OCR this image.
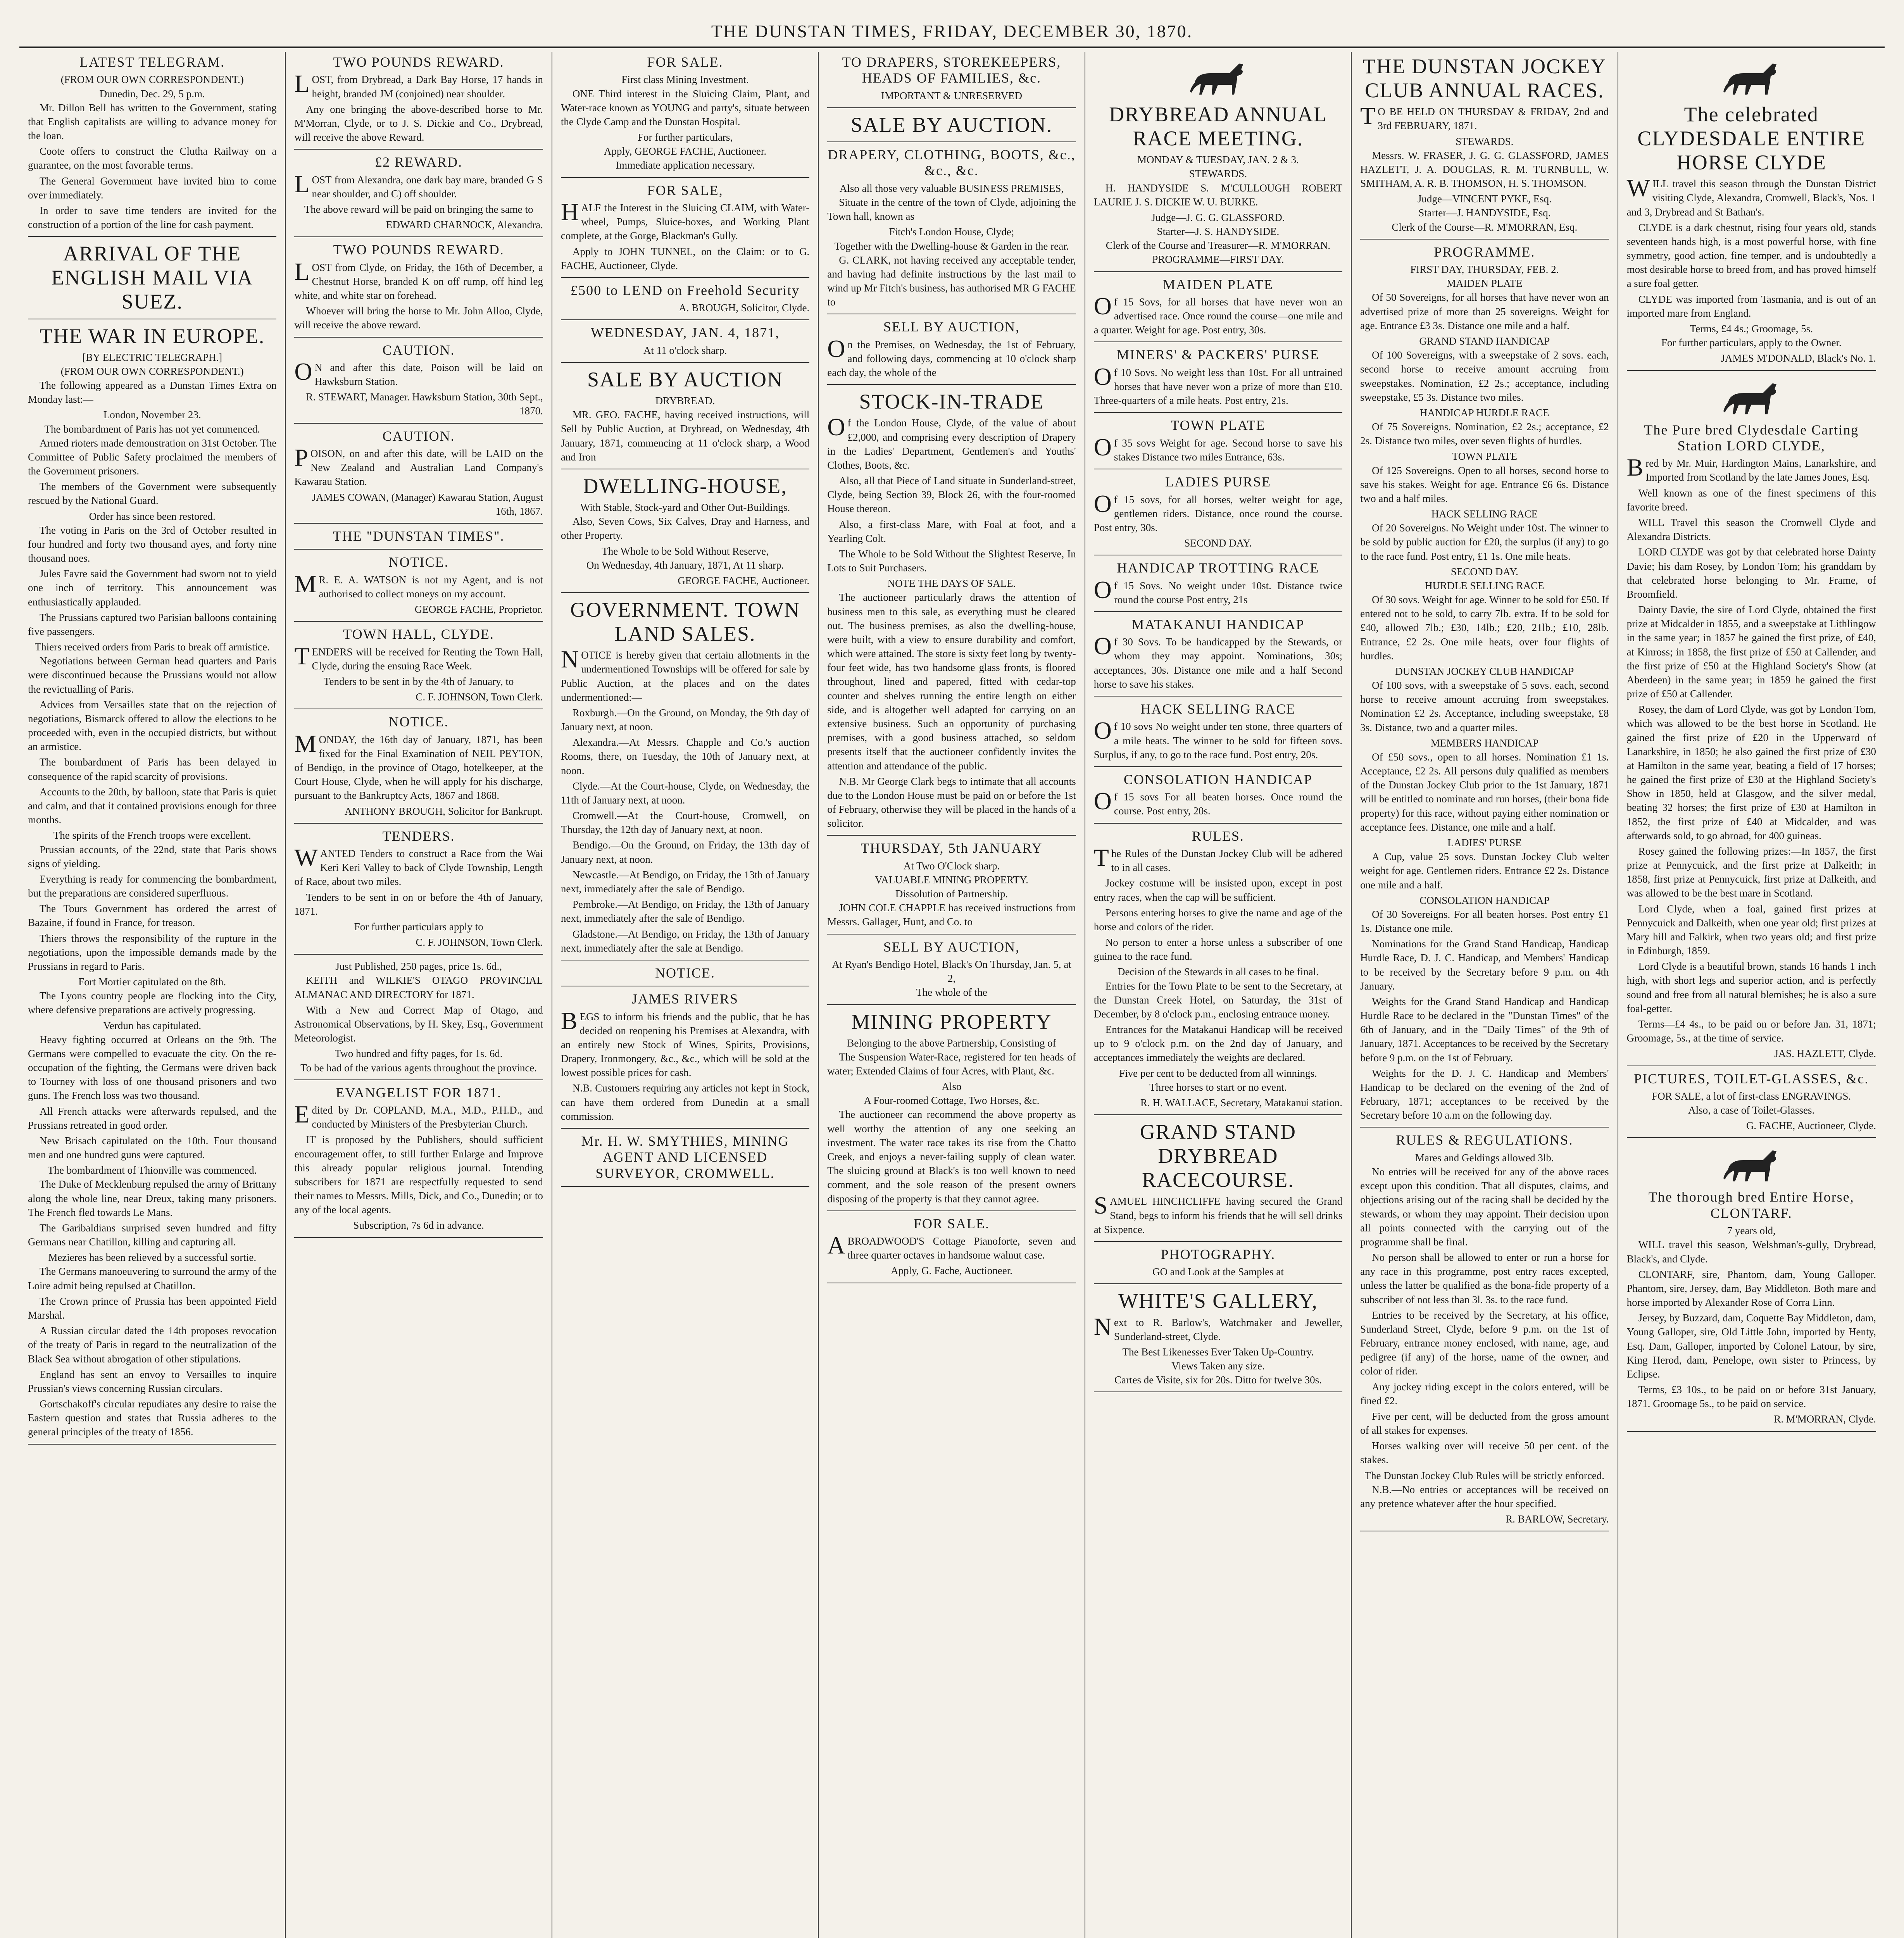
THE DUNSTAN TIMES, FRIDAY, DECEMBER 30, 1870.
LATEST TELEGRAM.
(FROM OUR OWN CORRESPONDENT.)
Dunedin, Dec. 29, 5 p.m.
Mr. Dillon Bell has written to the Government, stating that English capitalists are willing to advance money for the loan.
Coote offers to construct the Clutha Railway on a guarantee, on the most favorable terms.
The General Government have invited him to come over immediately.
In order to save time tenders are invited for the construction of a portion of the line for cash payment.
ARRIVAL OF THE ENGLISH MAIL VIA SUEZ.
THE WAR IN EUROPE.
[BY ELECTRIC TELEGRAPH.]
(FROM OUR OWN CORRESPONDENT.)
The following appeared as a Dunstan Times Extra on Monday last:—
London, November 23.
The bombardment of Paris has not yet commenced.
Armed rioters made demonstration on 31st October. The Committee of Public Safety proclaimed the members of the Government prisoners.
The members of the Government were subsequently rescued by the National Guard.
Order has since been restored.
The voting in Paris on the 3rd of October resulted in four hundred and forty two thousand ayes, and forty nine thousand noes.
Jules Favre said the Government had sworn not to yield one inch of territory. This announcement was enthusiastically applauded.
The Prussians captured two Parisian balloons containing five passengers.
Thiers received orders from Paris to break off armistice.
Negotiations between German head quarters and Paris were discontinued because the Prussians would not allow the revictualling of Paris.
Advices from Versailles state that on the rejection of negotiations, Bismarck offered to allow the elections to be proceeded with, even in the occupied districts, but without an armistice.
The bombardment of Paris has been delayed in consequence of the rapid scarcity of provisions.
Accounts to the 20th, by balloon, state that Paris is quiet and calm, and that it contained provisions enough for three months.
The spirits of the French troops were excellent.
Prussian accounts, of the 22nd, state that Paris shows signs of yielding.
Everything is ready for commencing the bombardment, but the preparations are considered superfluous.
The Tours Government has ordered the arrest of Bazaine, if found in France, for treason.
Thiers throws the responsibility of the rupture in the negotiations, upon the impossible demands made by the Prussians in regard to Paris.
Fort Mortier capitulated on the 8th.
The Lyons country people are flocking into the City, where defensive preparations are actively progressing.
Verdun has capitulated.
Heavy fighting occurred at Orleans on the 9th. The Germans were compelled to evacuate the city. On the re-occupation of the fighting, the Germans were driven back to Tourney with loss of one thousand prisoners and two guns. The French loss was two thousand.
All French attacks were afterwards repulsed, and the Prussians retreated in good order.
New Brisach capitulated on the 10th. Four thousand men and one hundred guns were captured.
The bombardment of Thionville was commenced.
The Duke of Mecklenburg repulsed the army of Brittany along the whole line, near Dreux, taking many prisoners. The French fled towards Le Mans.
The Garibaldians surprised seven hundred and fifty Germans near Chatillon, killing and capturing all.
Mezieres has been relieved by a successful sortie.
The Germans manoeuvering to surround the army of the Loire admit being repulsed at Chatillon.
The Crown prince of Prussia has been appointed Field Marshal.
A Russian circular dated the 14th proposes revocation of the treaty of Paris in regard to the neutralization of the Black Sea without abrogation of other stipulations.
England has sent an envoy to Versailles to inquire Prussian's views concerning Russian circulars.
Gortschakoff's circular repudiates any desire to raise the Eastern question and states that Russia adheres to the general principles of the treaty of 1856.
TWO POUNDS REWARD.
LOST, from Drybread, a Dark Bay Horse, 17 hands in height, branded JM (conjoined) near shoulder.
Any one bringing the above-described horse to Mr. M'Morran, Clyde, or to J. S. Dickie and Co., Drybread, will receive the above Reward.
£2 REWARD.
LOST from Alexandra, one dark bay mare, branded G S near shoulder, and C) off shoulder.
The above reward will be paid on bringing the same to
EDWARD CHARNOCK, Alexandra.
TWO POUNDS REWARD.
LOST from Clyde, on Friday, the 16th of December, a Chestnut Horse, branded K on off rump, off hind leg white, and white star on forehead.
Whoever will bring the horse to Mr. John Alloo, Clyde, will receive the above reward.
CAUTION.
ON and after this date, Poison will be laid on Hawksburn Station.
R. STEWART, Manager. Hawksburn Station, 30th Sept., 1870.
CAUTION.
POISON, on and after this date, will be LAID on the New Zealand and Australian Land Company's Kawarau Station.
JAMES COWAN, (Manager) Kawarau Station, August 16th, 1867.
THE "DUNSTAN TIMES".
NOTICE.
MR. E. A. WATSON is not my Agent, and is not authorised to collect moneys on my account.
GEORGE FACHE, Proprietor.
TOWN HALL, CLYDE.
TENDERS will be received for Renting the Town Hall, Clyde, during the ensuing Race Week.
Tenders to be sent in by the 4th of January, to
C. F. JOHNSON, Town Clerk.
NOTICE.
MONDAY, the 16th day of January, 1871, has been fixed for the Final Examination of NEIL PEYTON, of Bendigo, in the province of Otago, hotelkeeper, at the Court House, Clyde, when he will apply for his discharge, pursuant to the Bankruptcy Acts, 1867 and 1868.
ANTHONY BROUGH, Solicitor for Bankrupt.
TENDERS.
WANTED Tenders to construct a Race from the Wai Keri Keri Valley to back of Clyde Township, Length of Race, about two miles.
Tenders to be sent in on or before the 4th of January, 1871.
For further particulars apply to
C. F. JOHNSON, Town Clerk.
Just Published, 250 pages, price 1s. 6d.,
KEITH and WILKIE'S OTAGO PROVINCIAL ALMANAC AND DIRECTORY for 1871.
With a New and Correct Map of Otago, and Astronomical Observations, by H. Skey, Esq., Government Meteorologist.
Two hundred and fifty pages, for 1s. 6d.
To be had of the various agents throughout the province.
EVANGELIST FOR 1871.
Edited by Dr. COPLAND, M.A., M.D., P.H.D., and conducted by Ministers of the Presbyterian Church.
IT is proposed by the Publishers, should sufficient encouragement offer, to still further Enlarge and Improve this already popular religious journal. Intending subscribers for 1871 are respectfully requested to send their names to Messrs. Mills, Dick, and Co., Dunedin; or to any of the local agents.
Subscription, 7s 6d in advance.
FOR SALE.
First class Mining Investment.
ONE Third interest in the Sluicing Claim, Plant, and Water-race known as YOUNG and party's, situate between the Clyde Camp and the Dunstan Hospital.
For further particulars,
Apply, GEORGE FACHE, Auctioneer.
Immediate application necessary.
FOR SALE,
HALF the Interest in the Sluicing CLAIM, with Water-wheel, Pumps, Sluice-boxes, and Working Plant complete, at the Gorge, Blackman's Gully.
Apply to JOHN TUNNEL, on the Claim: or to G. FACHE, Auctioneer, Clyde.
£500 to LEND on Freehold Security
A. BROUGH, Solicitor, Clyde.
WEDNESDAY, JAN. 4, 1871,
At 11 o'clock sharp.
SALE BY AUCTION
DRYBREAD.
MR. GEO. FACHE, having received instructions, will Sell by Public Auction, at Drybread, on Wednesday, 4th January, 1871, commencing at 11 o'clock sharp, a Wood and Iron
DWELLING-HOUSE,
With Stable, Stock-yard and Other Out-Buildings.
Also, Seven Cows, Six Calves, Dray and Harness, and other Property.
The Whole to be Sold Without Reserve,
On Wednesday, 4th January, 1871, At 11 sharp.
GEORGE FACHE, Auctioneer.
GOVERNMENT. TOWN LAND SALES.
NOTICE is hereby given that certain allotments in the undermentioned Townships will be offered for sale by Public Auction, at the places and on the dates undermentioned:—
Roxburgh.—On the Ground, on Monday, the 9th day of January next, at noon.
Alexandra.—At Messrs. Chapple and Co.'s auction Rooms, there, on Tuesday, the 10th of January next, at noon.
Clyde.—At the Court-house, Clyde, on Wednesday, the 11th of January next, at noon.
Cromwell.—At the Court-house, Cromwell, on Thursday, the 12th day of January next, at noon.
Bendigo.—On the Ground, on Friday, the 13th day of January next, at noon.
Newcastle.—At Bendigo, on Friday, the 13th of January next, immediately after the sale of Bendigo.
Pembroke.—At Bendigo, on Friday, the 13th of January next, immediately after the sale of Bendigo.
Gladstone.—At Bendigo, on Friday, the 13th of January next, immediately after the sale at Bendigo.
NOTICE.
JAMES RIVERS
BEGS to inform his friends and the public, that he has decided on reopening his Premises at Alexandra, with an entirely new Stock of Wines, Spirits, Provisions, Drapery, Ironmongery, &c., &c., which will be sold at the lowest possible prices for cash.
N.B. Customers requiring any articles not kept in Stock, can have them ordered from Dunedin at a small commission.
Mr. H. W. SMYTHIES, MINING AGENT AND LICENSED SURVEYOR, CROMWELL.
TO DRAPERS, STOREKEEPERS, HEADS OF FAMILIES, &c.
IMPORTANT & UNRESERVED
SALE BY AUCTION.
DRAPERY, CLOTHING, BOOTS, &c., &c., &c.
Also all those very valuable BUSINESS PREMISES,
Situate in the centre of the town of Clyde, adjoining the Town hall, known as
Fitch's London House, Clyde;
Together with the Dwelling-house & Garden in the rear.
G. CLARK, not having received any acceptable tender, and having had definite instructions by the last mail to wind up Mr Fitch's business, has authorised MR G FACHE to
SELL BY AUCTION,
On the Premises, on Wednesday, the 1st of February, and following days, commencing at 10 o'clock sharp each day, the whole of the
STOCK-IN-TRADE
Of the London House, Clyde, of the value of about £2,000, and comprising every description of Drapery in the Ladies' Department, Gentlemen's and Youths' Clothes, Boots, &c.
Also, all that Piece of Land situate in Sunderland-street, Clyde, being Section 39, Block 26, with the four-roomed House thereon.
Also, a first-class Mare, with Foal at foot, and a Yearling Colt.
The Whole to be Sold Without the Slightest Reserve, In Lots to Suit Purchasers.
NOTE THE DAYS OF SALE.
The auctioneer particularly draws the attention of business men to this sale, as everything must be cleared out. The business premises, as also the dwelling-house, were built, with a view to ensure durability and comfort, which were attained. The store is sixty feet long by twenty-four feet wide, has two handsome glass fronts, is floored throughout, lined and papered, fitted with cedar-top counter and shelves running the entire length on either side, and is altogether well adapted for carrying on an extensive business. Such an opportunity of purchasing premises, with a good business attached, so seldom presents itself that the auctioneer confidently invites the attention and attendance of the public.
N.B. Mr George Clark begs to intimate that all accounts due to the London House must be paid on or before the 1st of February, otherwise they will be placed in the hands of a solicitor.
THURSDAY, 5th JANUARY
At Two O'Clock sharp.
VALUABLE MINING PROPERTY.
Dissolution of Partnership.
JOHN COLE CHAPPLE has received instructions from Messrs. Gallager, Hunt, and Co. to
SELL BY AUCTION,
At Ryan's Bendigo Hotel, Black's On Thursday, Jan. 5, at 2,
The whole of the
MINING PROPERTY
Belonging to the above Partnership, Consisting of
The Suspension Water-Race, registered for ten heads of water; Extended Claims of four Acres, with Plant, &c.
Also
A Four-roomed Cottage, Two Horses, &c.
The auctioneer can recommend the above property as well worthy the attention of any one seeking an investment. The water race takes its rise from the Chatto Creek, and enjoys a never-failing supply of clean water. The sluicing ground at Black's is too well known to need comment, and the sole reason of the present owners disposing of the property is that they cannot agree.
FOR SALE.
ABROADWOOD'S Cottage Pianoforte, seven and three quarter octaves in handsome walnut case.
Apply, G. Fache, Auctioneer.
DRYBREAD ANNUAL RACE MEETING.
MONDAY & TUESDAY, JAN. 2 & 3.
STEWARDS.
H. HANDYSIDE S. M'CULLOUGH ROBERT LAURIE J. S. DICKIE W. U. BURKE.
Judge—J. G. G. GLASSFORD.
Starter—J. S. HANDYSIDE.
Clerk of the Course and Treasurer—R. M'MORRAN.
PROGRAMME—FIRST DAY.
MAIDEN PLATE
Of 15 Sovs, for all horses that have never won an advertised race. Once round the course—one mile and a quarter. Weight for age. Post entry, 30s.
MINERS' & PACKERS' PURSE
Of 10 Sovs. No weight less than 10st. For all untrained horses that have never won a prize of more than £10. Three-quarters of a mile heats. Post entry, 21s.
TOWN PLATE
Of 35 sovs Weight for age. Second horse to save his stakes Distance two miles Entrance, 63s.
LADIES PURSE
Of 15 sovs, for all horses, welter weight for age, gentlemen riders. Distance, once round the course. Post entry, 30s.
SECOND DAY.
HANDICAP TROTTING RACE
Of 15 Sovs. No weight under 10st. Distance twice round the course Post entry, 21s
MATAKANUI HANDICAP
Of 30 Sovs. To be handicapped by the Stewards, or whom they may appoint. Nominations, 30s; acceptances, 30s. Distance one mile and a half Second horse to save his stakes.
HACK SELLING RACE
Of 10 sovs No weight under ten stone, three quarters of a mile heats. The winner to be sold for fifteen sovs. Surplus, if any, to go to the race fund. Post entry, 20s.
CONSOLATION HANDICAP
Of 15 sovs For all beaten horses. Once round the course. Post entry, 20s.
RULES.
The Rules of the Dunstan Jockey Club will be adhered to in all cases.
Jockey costume will be insisted upon, except in post entry races, when the cap will be sufficient.
Persons entering horses to give the name and age of the horse and colors of the rider.
No person to enter a horse unless a subscriber of one guinea to the race fund.
Decision of the Stewards in all cases to be final.
Entries for the Town Plate to be sent to the Secretary, at the Dunstan Creek Hotel, on Saturday, the 31st of December, by 8 o'clock p.m., enclosing entrance money.
Entrances for the Matakanui Handicap will be received up to 9 o'clock p.m. on the 2nd day of January, and acceptances immediately the weights are declared.
Five per cent to be deducted from all winnings.
Three horses to start or no event.
R. H. WALLACE, Secretary, Matakanui station.
GRAND STAND DRYBREAD RACECOURSE.
SAMUEL HINCHCLIFFE having secured the Grand Stand, begs to inform his friends that he will sell drinks at Sixpence.
PHOTOGRAPHY.
GO and Look at the Samples at
WHITE'S GALLERY,
Next to R. Barlow's, Watchmaker and Jeweller, Sunderland-street, Clyde.
The Best Likenesses Ever Taken Up-Country.
Views Taken any size.
Cartes de Visite, six for 20s. Ditto for twelve 30s.
THE DUNSTAN JOCKEY CLUB ANNUAL RACES.
TO BE HELD ON THURSDAY & FRIDAY, 2nd and 3rd FEBRUARY, 1871.
STEWARDS.
Messrs. W. FRASER, J. G. G. GLASSFORD, JAMES HAZLETT, J. A. DOUGLAS, R. M. TURNBULL, W. SMITHAM, A. R. B. THOMSON, H. S. THOMSON.
Judge—VINCENT PYKE, Esq.
Starter—J. HANDYSIDE, Esq.
Clerk of the Course—R. M'MORRAN, Esq.
PROGRAMME.
FIRST DAY, THURSDAY, FEB. 2.
MAIDEN PLATE
Of 50 Sovereigns, for all horses that have never won an advertised prize of more than 25 sovereigns. Weight for age. Entrance £3 3s. Distance one mile and a half.
GRAND STAND HANDICAP
Of 100 Sovereigns, with a sweepstake of 2 sovs. each, second horse to receive amount accruing from sweepstakes. Nomination, £2 2s.; acceptance, including sweepstake, £5 3s. Distance two miles.
HANDICAP HURDLE RACE
Of 75 Sovereigns. Nomination, £2 2s.; acceptance, £2 2s. Distance two miles, over seven flights of hurdles.
TOWN PLATE
Of 125 Sovereigns. Open to all horses, second horse to save his stakes. Weight for age. Entrance £6 6s. Distance two and a half miles.
HACK SELLING RACE
Of 20 Sovereigns. No Weight under 10st. The winner to be sold by public auction for £20, the surplus (if any) to go to the race fund. Post entry, £1 1s. One mile heats.
SECOND DAY.
HURDLE SELLING RACE
Of 30 sovs. Weight for age. Winner to be sold for £50. If entered not to be sold, to carry 7lb. extra. If to be sold for £40, allowed 7lb.; £30, 14lb.; £20, 21lb.; £10, 28lb. Entrance, £2 2s. One mile heats, over four flights of hurdles.
DUNSTAN JOCKEY CLUB HANDICAP
Of 100 sovs, with a sweepstake of 5 sovs. each, second horse to receive amount accruing from sweepstakes. Nomination £2 2s. Acceptance, including sweepstake, £8 3s. Distance, two and a quarter miles.
MEMBERS HANDICAP
Of £50 sovs., open to all horses. Nomination £1 1s. Acceptance, £2 2s. All persons duly qualified as members of the Dunstan Jockey Club prior to the 1st January, 1871 will be entitled to nominate and run horses, (their bona fide property) for this race, without paying either nomination or acceptance fees. Distance, one mile and a half.
LADIES' PURSE
A Cup, value 25 sovs. Dunstan Jockey Club welter weight for age. Gentlemen riders. Entrance £2 2s. Distance one mile and a half.
CONSOLATION HANDICAP
Of 30 Sovereigns. For all beaten horses. Post entry £1 1s. Distance one mile.
Nominations for the Grand Stand Handicap, Handicap Hurdle Race, D. J. C. Handicap, and Members' Handicap to be received by the Secretary before 9 p.m. on 4th January.
Weights for the Grand Stand Handicap and Handicap Hurdle Race to be declared in the "Dunstan Times" of the 6th of January, and in the "Daily Times" of the 9th of January, 1871. Acceptances to be received by the Secretary before 9 p.m. on the 1st of February.
Weights for the D. J. C. Handicap and Members' Handicap to be declared on the evening of the 2nd of February, 1871; acceptances to be received by the Secretary before 10 a.m on the following day.
RULES & REGULATIONS.
Mares and Geldings allowed 3lb.
No entries will be received for any of the above races except upon this condition. That all disputes, claims, and objections arising out of the racing shall be decided by the stewards, or whom they may appoint. Their decision upon all points connected with the carrying out of the programme shall be final.
No person shall be allowed to enter or run a horse for any race in this programme, post entry races excepted, unless the latter be qualified as the bona-fide property of a subscriber of not less than 3l. 3s. to the race fund.
Entries to be received by the Secretary, at his office, Sunderland Street, Clyde, before 9 p.m. on the 1st of February, entrance money enclosed, with name, age, and pedigree (if any) of the horse, name of the owner, and color of rider.
Any jockey riding except in the colors entered, will be fined £2.
Five per cent, will be deducted from the gross amount of all stakes for expenses.
Horses walking over will receive 50 per cent. of the stakes.
The Dunstan Jockey Club Rules will be strictly enforced.
N.B.—No entries or acceptances will be received on any pretence whatever after the hour specified.
R. BARLOW, Secretary.
The celebrated CLYDESDALE ENTIRE HORSE CLYDE
WILL travel this season through the Dunstan District visiting Clyde, Alexandra, Cromwell, Black's, Nos. 1 and 3, Drybread and St Bathan's.
CLYDE is a dark chestnut, rising four years old, stands seventeen hands high, is a most powerful horse, with fine symmetry, good action, fine temper, and is undoubtedly a most desirable horse to breed from, and has proved himself a sure foal getter.
CLYDE was imported from Tasmania, and is out of an imported mare from England.
Terms, £4 4s.; Groomage, 5s.
For further particulars, apply to the Owner.
JAMES M'DONALD, Black's No. 1.
The Pure bred Clydesdale Carting Station LORD CLYDE,
Bred by Mr. Muir, Hardington Mains, Lanarkshire, and Imported from Scotland by the late James Jones, Esq.
Well known as one of the finest specimens of this favorite breed.
WILL Travel this season the Cromwell Clyde and Alexandra Districts.
LORD CLYDE was got by that celebrated horse Dainty Davie; his dam Rosey, by London Tom; his granddam by that celebrated horse belonging to Mr. Frame, of Broomfield.
Dainty Davie, the sire of Lord Clyde, obtained the first prize at Midcalder in 1855, and a sweepstake at Lithlingow in the same year; in 1857 he gained the first prize, of £40, at Kinross; in 1858, the first prize of £50 at Callender, and the first prize of £50 at the Highland Society's Show (at Aberdeen) in the same year; in 1859 he gained the first prize of £50 at Callender.
Rosey, the dam of Lord Clyde, was got by London Tom, which was allowed to be the best horse in Scotland. He gained the first prize of £20 in the Upperward of Lanarkshire, in 1850; he also gained the first prize of £30 at Hamilton in the same year, beating a field of 17 horses; he gained the first prize of £30 at the Highland Society's Show in 1850, held at Glasgow, and the silver medal, beating 32 horses; the first prize of £30 at Hamilton in 1852, the first prize of £40 at Midcalder, and was afterwards sold, to go abroad, for 400 guineas.
Rosey gained the following prizes:—In 1857, the first prize at Pennycuick, and the first prize at Dalkeith; in 1858, first prize at Pennycuick, first prize at Dalkeith, and was allowed to be the best mare in Scotland.
Lord Clyde, when a foal, gained first prizes at Pennycuick and Dalkeith, when one year old; first prizes at Mary hill and Falkirk, when two years old; and first prize in Edinburgh, 1859.
Lord Clyde is a beautiful brown, stands 16 hands 1 inch high, with short legs and superior action, and is perfectly sound and free from all natural blemishes; he is also a sure foal-getter.
Terms—£4 4s., to be paid on or before Jan. 31, 1871; Groomage, 5s., at the time of service.
JAS. HAZLETT, Clyde.
PICTURES, TOILET-GLASSES, &c.
FOR SALE, a lot of first-class ENGRAVINGS.
Also, a case of Toilet-Glasses.
G. FACHE, Auctioneer, Clyde.
The thorough bred Entire Horse, CLONTARF.
7 years old,
WILL travel this season, Welshman's-gully, Drybread, Black's, and Clyde.
CLONTARF, sire, Phantom, dam, Young Galloper. Phantom, sire, Jersey, dam, Bay Middleton. Both mare and horse imported by Alexander Rose of Corra Linn.
Jersey, by Buzzard, dam, Coquette Bay Middleton, dam, Young Galloper, sire, Old Little John, imported by Henty, Esq. Dam, Galloper, imported by Colonel Latour, by sire, King Herod, dam, Penelope, own sister to Princess, by Eclipse.
Terms, £3 10s., to be paid on or before 31st January, 1871. Groomage 5s., to be paid on service.
R. M'MORRAN, Clyde.
